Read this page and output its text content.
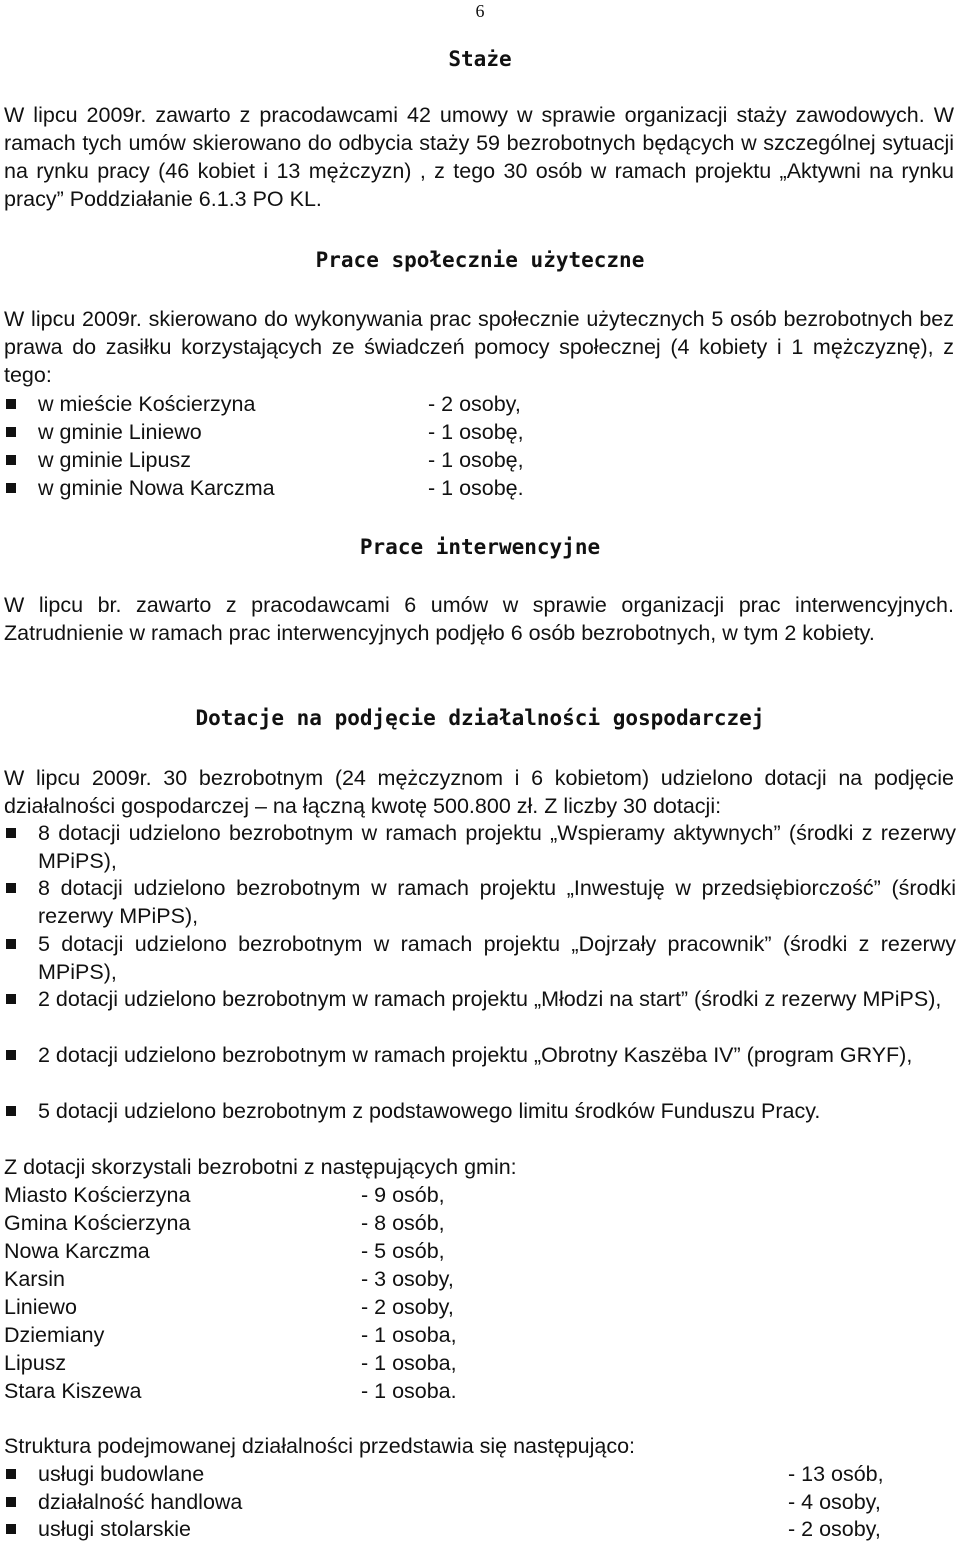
6
Staże
W lipcu 2009r. zawarto z pracodawcami 42 umowy w sprawie organizacji staży zawodowych. W ramach tych umów skierowano do odbycia staży 59 bezrobotnych będących w szczególnej sytuacji na rynku pracy (46 kobiet i 13 mężczyzn) , z tego 30 osób w ramach projektu „Aktywni na rynku pracy” Poddziałanie 6.1.3 PO KL.
Prace społecznie użyteczne
W lipcu 2009r. skierowano do wykonywania prac społecznie użytecznych 5 osób bezrobotnych bez prawa do zasiłku korzystających ze świadczeń pomocy społecznej (4 kobiety i 1 mężczyznę), z tego:
w mieście Kościerzyna	- 2 osoby,
w gminie Liniewo	- 1 osobę,
w gminie Lipusz	- 1 osobę,
w gminie Nowa Karczma	- 1 osobę.
Prace interwencyjne
W lipcu br. zawarto z pracodawcami 6 umów w sprawie organizacji prac interwencyjnych. Zatrudnienie w ramach prac interwencyjnych podjęło 6 osób bezrobotnych, w tym 2 kobiety.
Dotacje na podjęcie działalności gospodarczej
W lipcu 2009r. 30 bezrobotnym (24 mężczyznom i 6 kobietom) udzielono dotacji na podjęcie działalności gospodarczej – na łączną kwotę 500.800 zł. Z liczby 30 dotacji:
8 dotacji udzielono bezrobotnym w ramach projektu „Wspieramy aktywnych” (środki z rezerwy MPiPS),
8 dotacji udzielono bezrobotnym w ramach projektu „Inwestuję w przedsiębiorczość” (środki rezerwy MPiPS),
5 dotacji udzielono bezrobotnym w ramach projektu „Dojrzały pracownik” (środki z rezerwy MPiPS),
2 dotacji udzielono bezrobotnym w ramach projektu „Młodzi na start” (środki z rezerwy MPiPS),
2 dotacji udzielono bezrobotnym w ramach projektu „Obrotny Kaszëba IV” (program GRYF),
5 dotacji udzielono bezrobotnym z podstawowego limitu środków Funduszu Pracy.
Z dotacji skorzystali bezrobotni z następujących gmin:
Miasto Kościerzyna	- 9 osób,
Gmina Kościerzyna	- 8 osób,
Nowa Karczma	- 5 osób,
Karsin	- 3 osoby,
Liniewo	- 2 osoby,
Dziemiany	- 1 osoba,
Lipusz	- 1 osoba,
Stara Kiszewa	- 1 osoba.
Struktura podejmowanej działalności przedstawia się następująco:
usługi budowlane	- 13 osób,
działalność handlowa	- 4 osoby,
usługi stolarskie	- 2 osoby,
